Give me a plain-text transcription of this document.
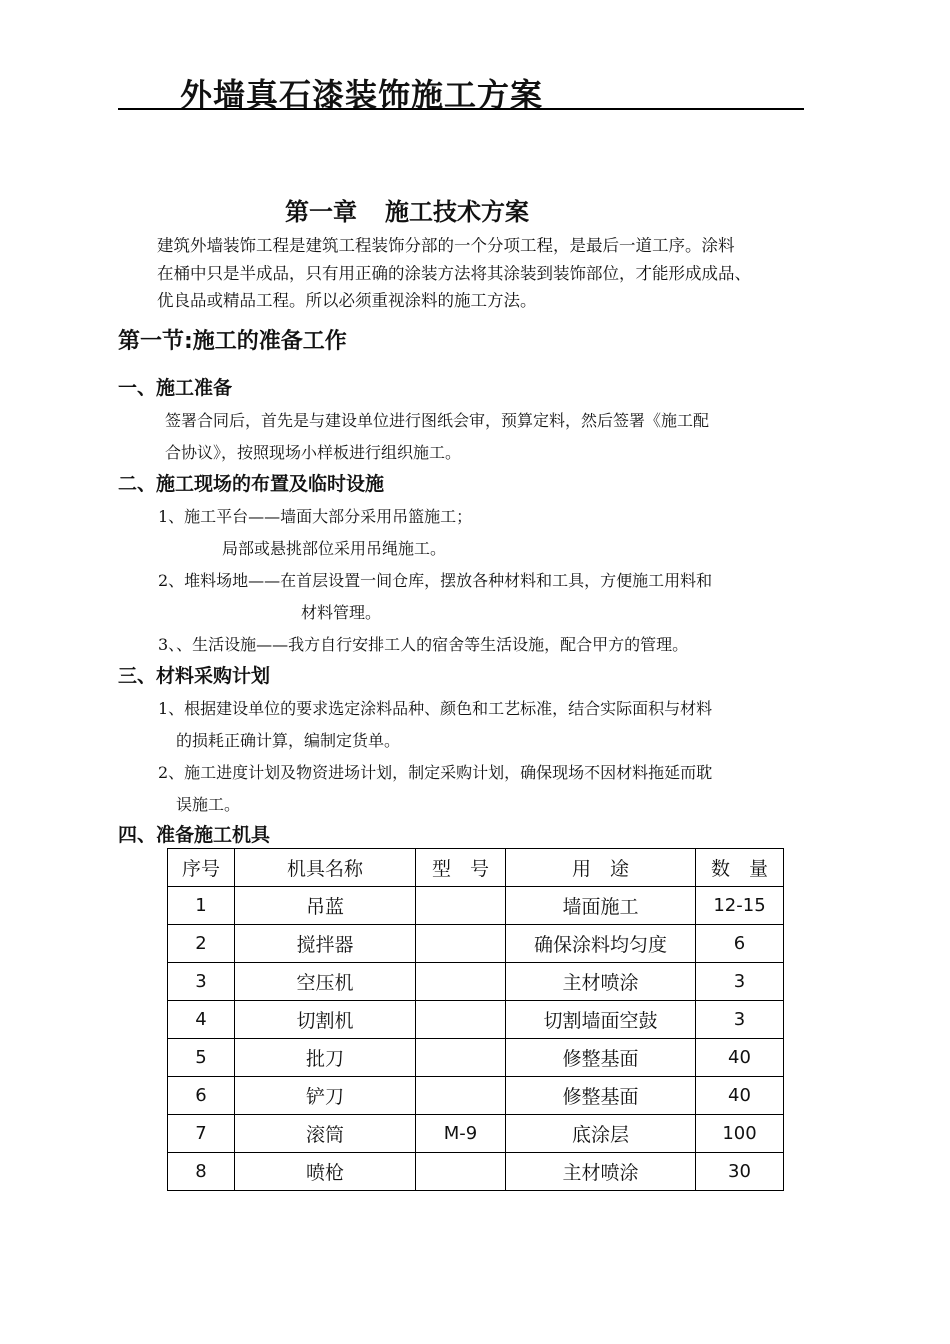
外墙真石漆装饰施工方案
第一章 施工技术方案
建筑外墙装饰工程是建筑工程装饰分部的一个分项工程，是最后一道工序。涂料
在桶中只是半成品，只有用正确的涂装方法将其涂装到装饰部位，才能形成成品、
优良品或精品工程。所以必须重视涂料的施工方法。
第一节:施工的准备工作
一、施工准备
签署合同后，首先是与建设单位进行图纸会审，预算定料，然后签署《施工配
合协议》，按照现场小样板进行组织施工。
二、施工现场的布置及临时设施
1、施工平台——墙面大部分采用吊篮施工；
局部或悬挑部位采用吊绳施工。
2、堆料场地——在首层设置一间仓库，摆放各种材料和工具，方便施工用料和
材料管理。
3、、生活设施——我方自行安排工人的宿舍等生活设施，配合甲方的管理。
三、材料采购计划
1、根据建设单位的要求选定涂料品种、颜色和工艺标准，结合实际面积与材料
的损耗正确计算，编制定货单。
2、施工进度计划及物资进场计划，制定采购计划，确保现场不因材料拖延而耽
误施工。
四、准备施工机具
序号	机具名称	型　号	用　途	数　量
1	吊蓝		墙面施工	12-15
2	搅拌器		确保涂料均匀度	6
3	空压机		主材喷涂	3
4	切割机		切割墙面空鼓	3
5	批刀		修整基面	40
6	铲刀		修整基面	40
7	滚筒	M-9	底涂层	100
8	喷枪		主材喷涂	30
